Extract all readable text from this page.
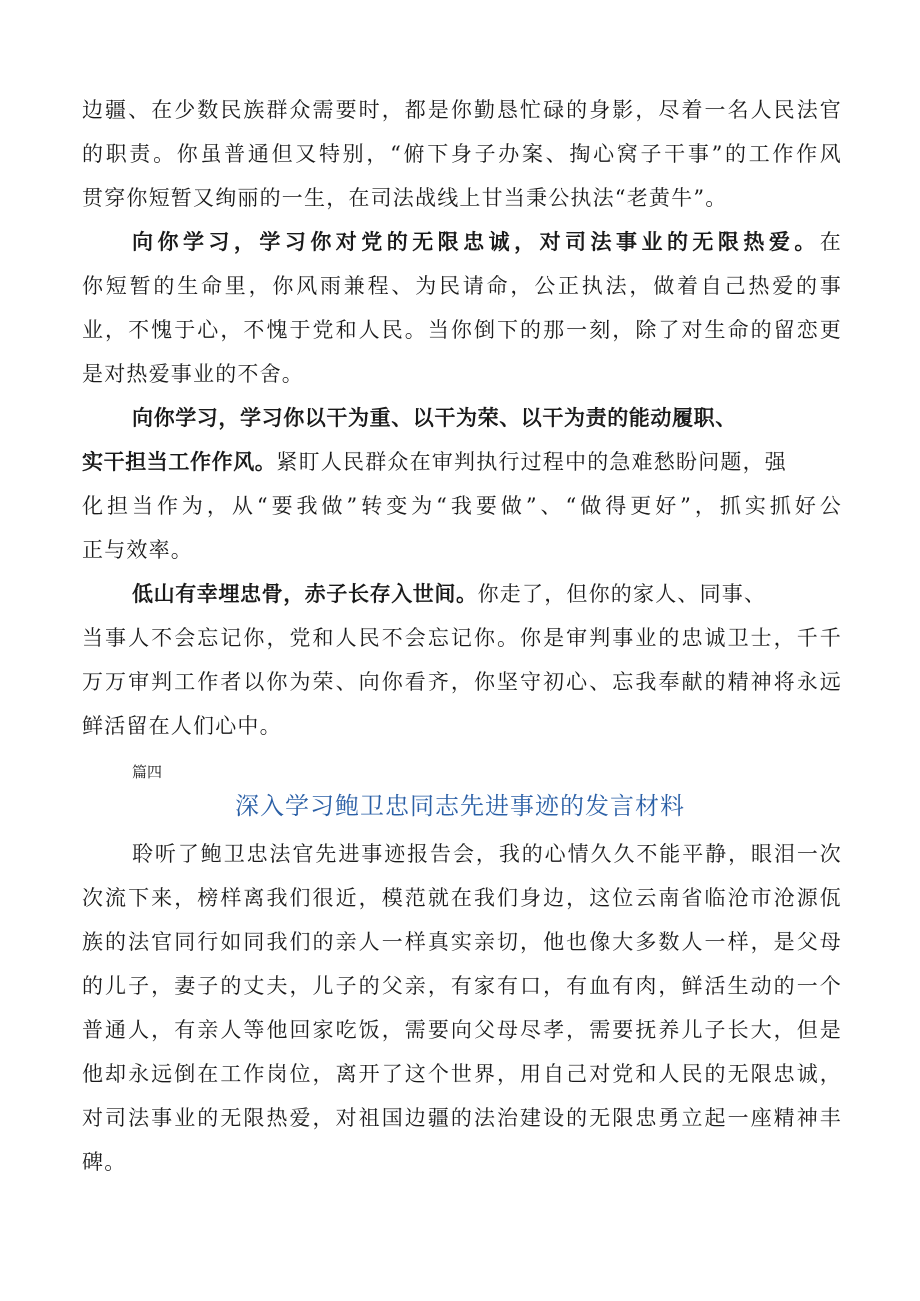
边疆、在少数民族群众需要时，都是你勤恳忙碌的身影，尽着一名人民法官
的职责。你虽普通但又特别，“俯下身子办案、掏心窝子干事”的工作作风
贯穿你短暂又绚丽的一生，在司法战线上甘当秉公执法“老黄牛”。
向你学习，学习你对党的无限忠诚，对司法事业的无限热爱。在
你短暂的生命里，你风雨兼程、为民请命，公正执法，做着自己热爱的事
业，不愧于心，不愧于党和人民。当你倒下的那一刻，除了对生命的留恋更
是对热爱事业的不舍。
向你学习，学习你以干为重、以干为荣、以干为责的能动履职、
实干担当工作作风。紧盯人民群众在审判执行过程中的急难愁盼问题，强
化担当作为，从“要我做”转变为“我要做”、“做得更好”，抓实抓好公
正与效率。
低山有幸埋忠骨，赤子长存入世间。你走了，但你的家人、同事、
当事人不会忘记你，党和人民不会忘记你。你是审判事业的忠诚卫士，千千
万万审判工作者以你为荣、向你看齐，你坚守初心、忘我奉献的精神将永远
鲜活留在人们心中。
篇四
深入学习鲍卫忠同志先进事迹的发言材料
聆听了鲍卫忠法官先进事迹报告会，我的心情久久不能平静，眼泪一次
次流下来，榜样离我们很近，模范就在我们身边，这位云南省临沧市沧源佤
族的法官同行如同我们的亲人一样真实亲切，他也像大多数人一样，是父母
的儿子，妻子的丈夫，儿子的父亲，有家有口，有血有肉，鲜活生动的一个
普通人，有亲人等他回家吃饭，需要向父母尽孝，需要抚养儿子长大，但是
他却永远倒在工作岗位，离开了这个世界，用自己对党和人民的无限忠诚，
对司法事业的无限热爱，对祖国边疆的法治建设的无限忠勇立起一座精神丰
碑。
